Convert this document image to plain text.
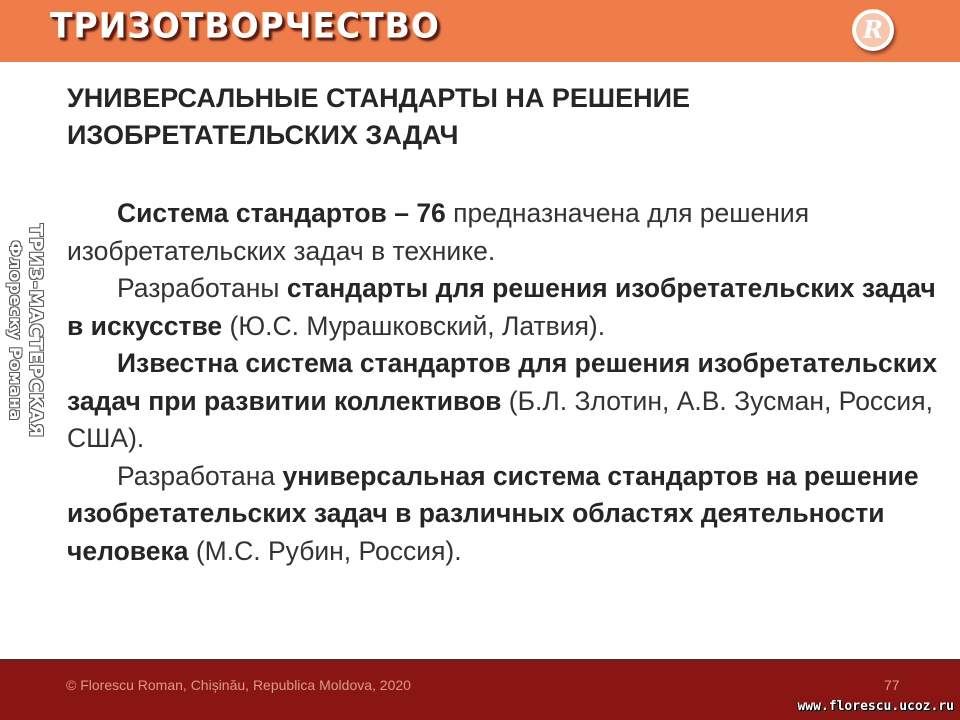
ТРИЗОТВОРЧЕСТВО	R
ТРИЗ-МАСТЕРСКАЯ
Флореску Романа
УНИВЕРСАЛЬНЫЕ СТАНДАРТЫ НА РЕШЕНИЕ
ИЗОБРЕТАТЕЛЬСКИХ ЗАДАЧ

Система стандартов – 76 предназначена для решения изобретательских задач в технике.

Разработаны стандарты для решения изобретательских задач в искусстве (Ю.С. Мурашковский, Латвия).

Известна система стандартов для решения изобретательских задач при развитии коллективов (Б.Л. Злотин, А.В. Зусман, Россия, США).

Разработана универсальная система стандартов на решение изобретательских задач в различных областях деятельности человека (М.С. Рубин, Россия).

© Florescu Roman, Chișinău, Republica Moldova, 2020	77
www.florescu.ucoz.ru
